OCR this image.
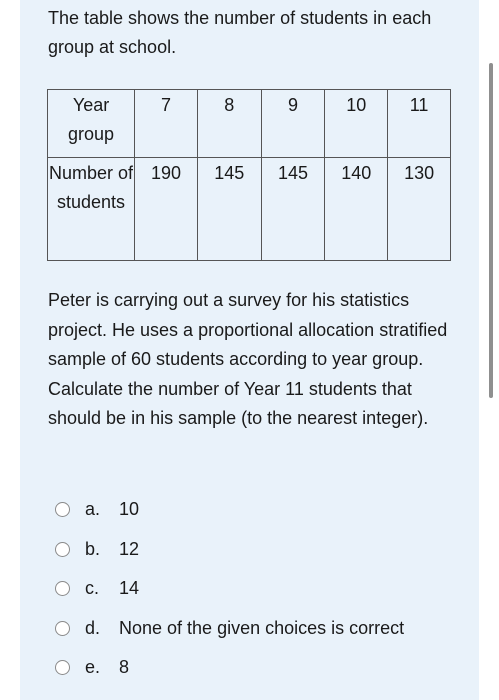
The table shows the number of students in each group at school.

Year group	7	8	9	10	11
Number of students	190	145	145	140	130

Peter is carrying out a survey for his statistics project. He uses a proportional allocation stratified sample of 60 students according to year group. Calculate the number of Year 11 students that should be in his sample (to the nearest integer).

a.	10
b.	12
c.	14
d.	None of the given choices is correct
e.	8
